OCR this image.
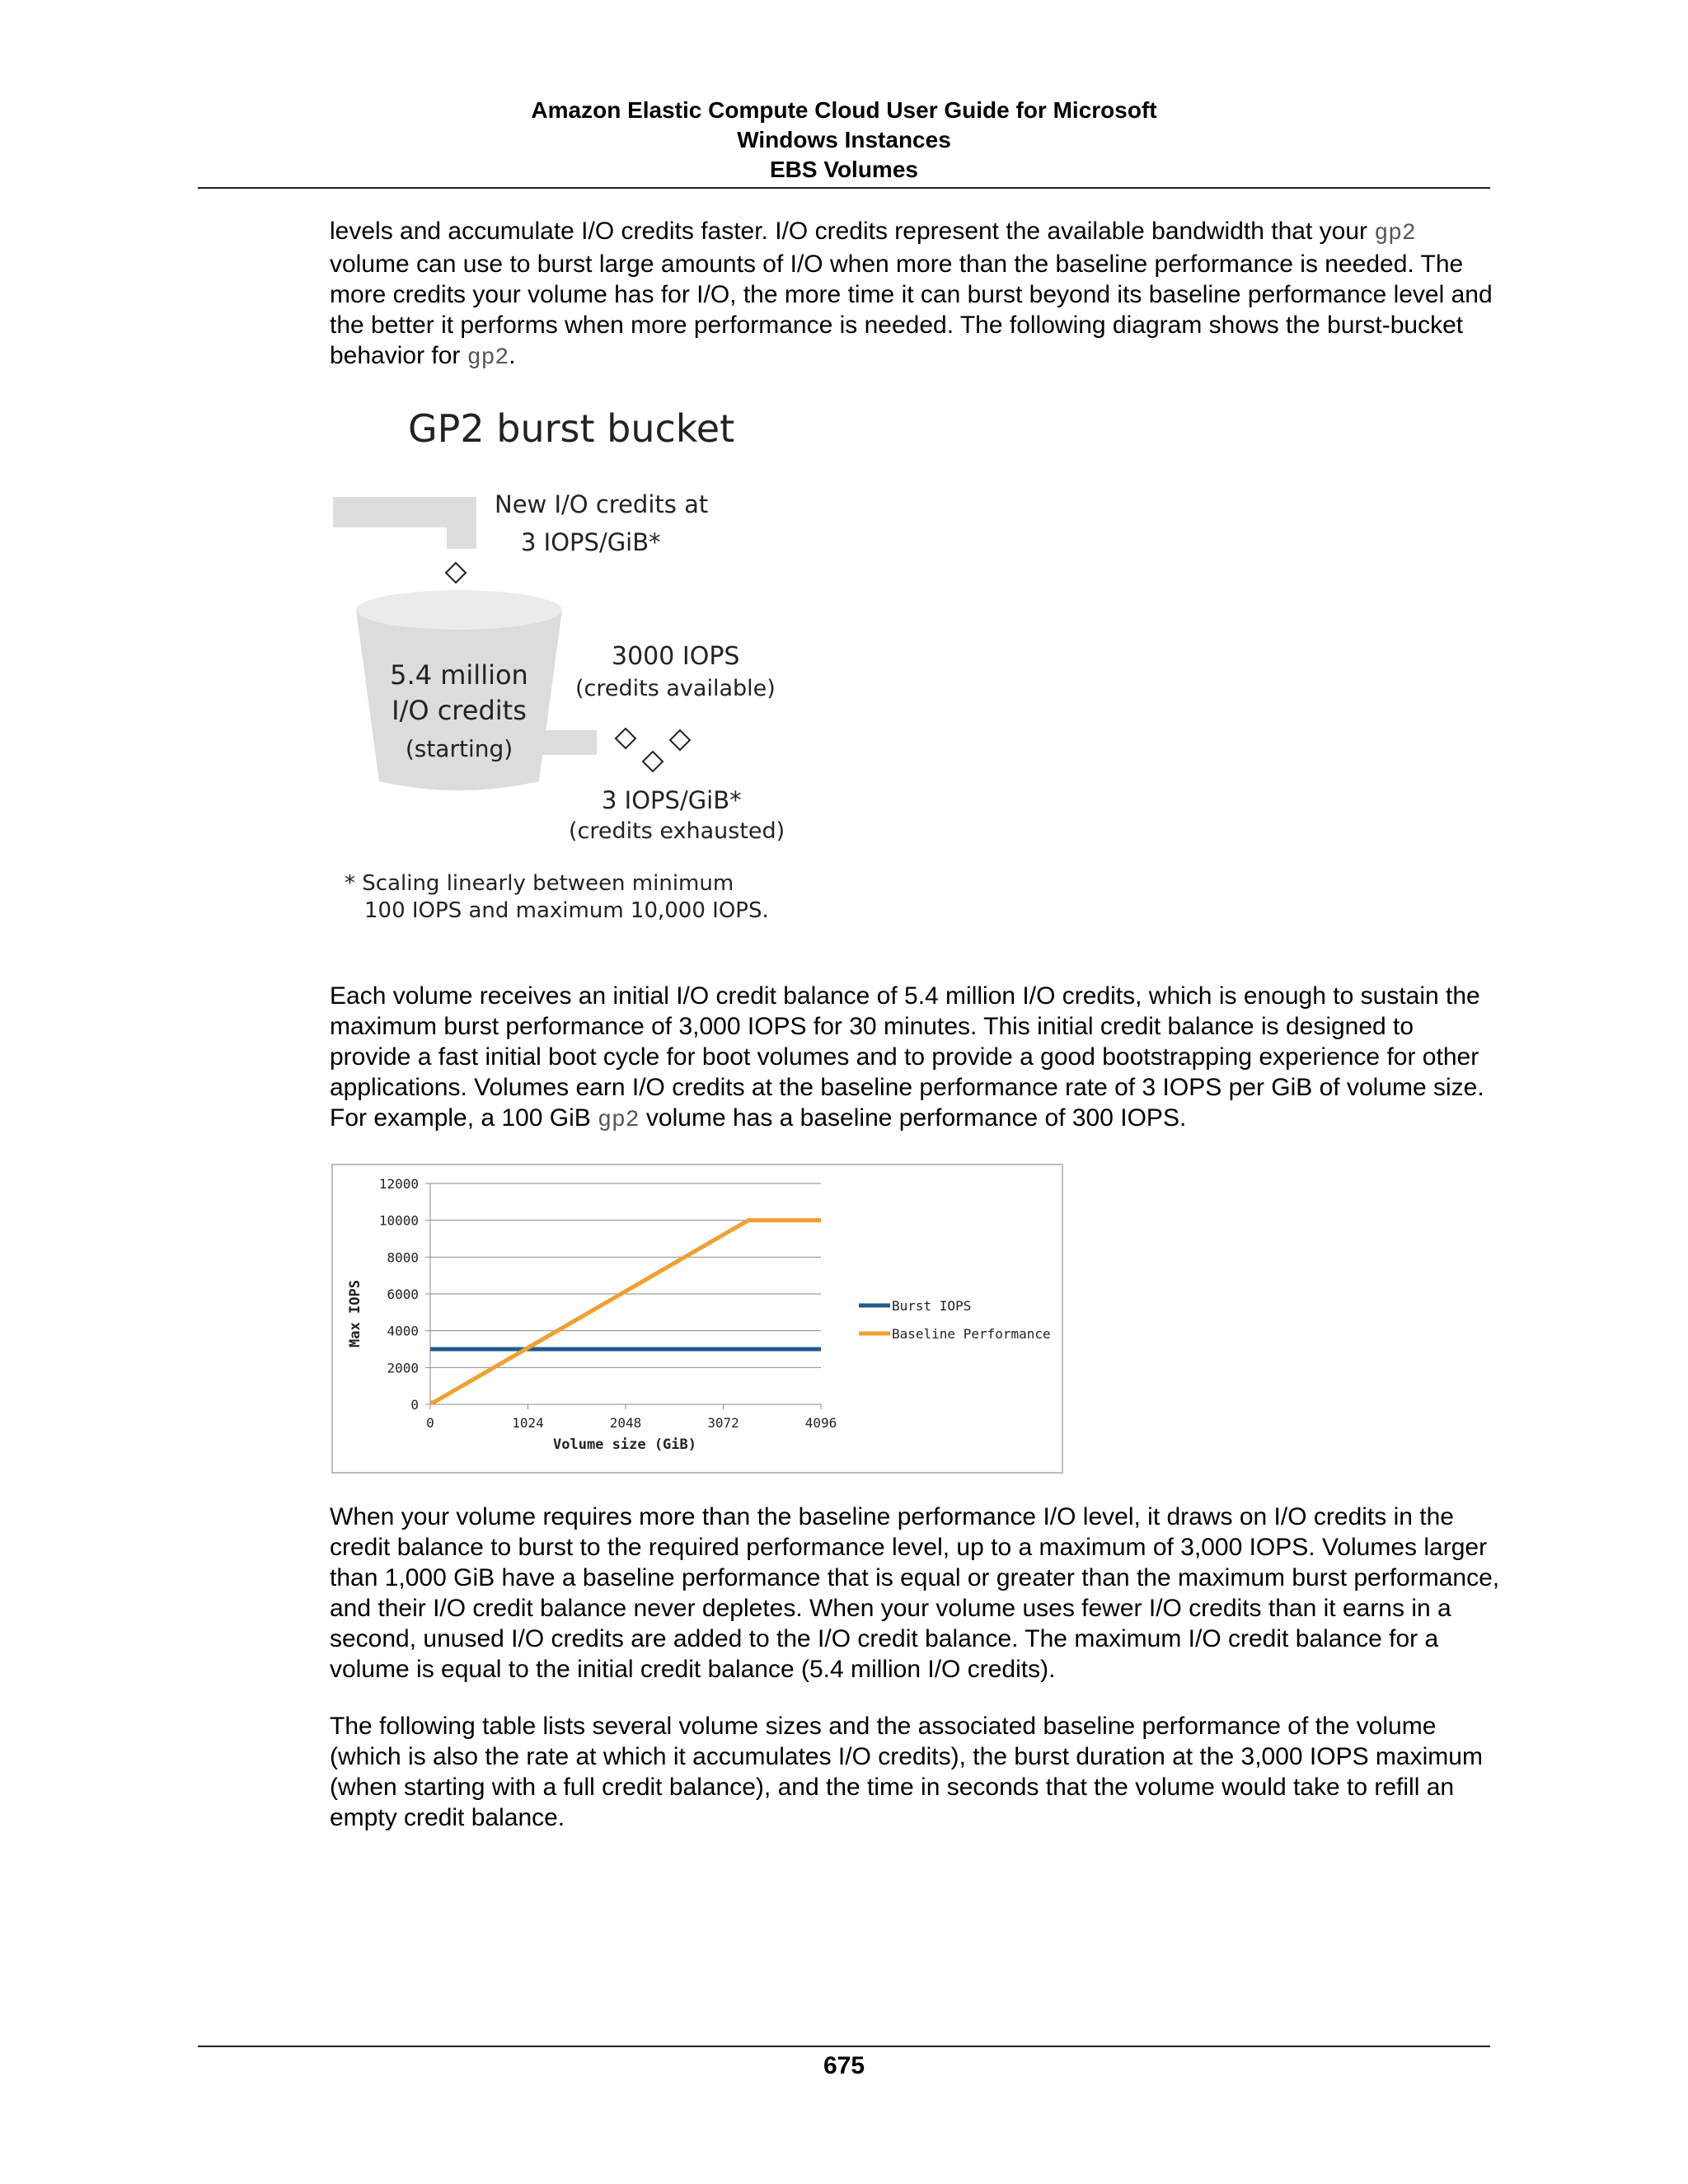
Amazon Elastic Compute Cloud User Guide for Microsoft
Windows Instances
EBS Volumes

levels and accumulate I/O credits faster. I/O credits represent the available bandwidth that your gp2 volume can use to burst large amounts of I/O when more than the baseline performance is needed. The more credits your volume has for I/O, the more time it can burst beyond its baseline performance level and the better it performs when more performance is needed. The following diagram shows the burst-bucket behavior for gp2.

GP2 burst bucket
New I/O credits at
3 IOPS/GiB*
5.4 million
I/O credits
(starting)
3000 IOPS
(credits available)
3 IOPS/GiB*
(credits exhausted)
* Scaling linearly between minimum
100 IOPS and maximum 10,000 IOPS.

Each volume receives an initial I/O credit balance of 5.4 million I/O credits, which is enough to sustain the maximum burst performance of 3,000 IOPS for 30 minutes. This initial credit balance is designed to provide a fast initial boot cycle for boot volumes and to provide a good bootstrapping experience for other applications. Volumes earn I/O credits at the baseline performance rate of 3 IOPS per GiB of volume size. For example, a 100 GiB gp2 volume has a baseline performance of 300 IOPS.

0
2000
4000
6000
8000
10000
12000
0	1024	2048	3072	4096
Volume size (GiB)
Max IOPS	Burst IOPS
Baseline Performance

When your volume requires more than the baseline performance I/O level, it draws on I/O credits in the credit balance to burst to the required performance level, up to a maximum of 3,000 IOPS. Volumes larger than 1,000 GiB have a baseline performance that is equal or greater than the maximum burst performance, and their I/O credit balance never depletes. When your volume uses fewer I/O credits than it earns in a second, unused I/O credits are added to the I/O credit balance. The maximum I/O credit balance for a volume is equal to the initial credit balance (5.4 million I/O credits).

The following table lists several volume sizes and the associated baseline performance of the volume (which is also the rate at which it accumulates I/O credits), the burst duration at the 3,000 IOPS maximum (when starting with a full credit balance), and the time in seconds that the volume would take to refill an empty credit balance.

675
